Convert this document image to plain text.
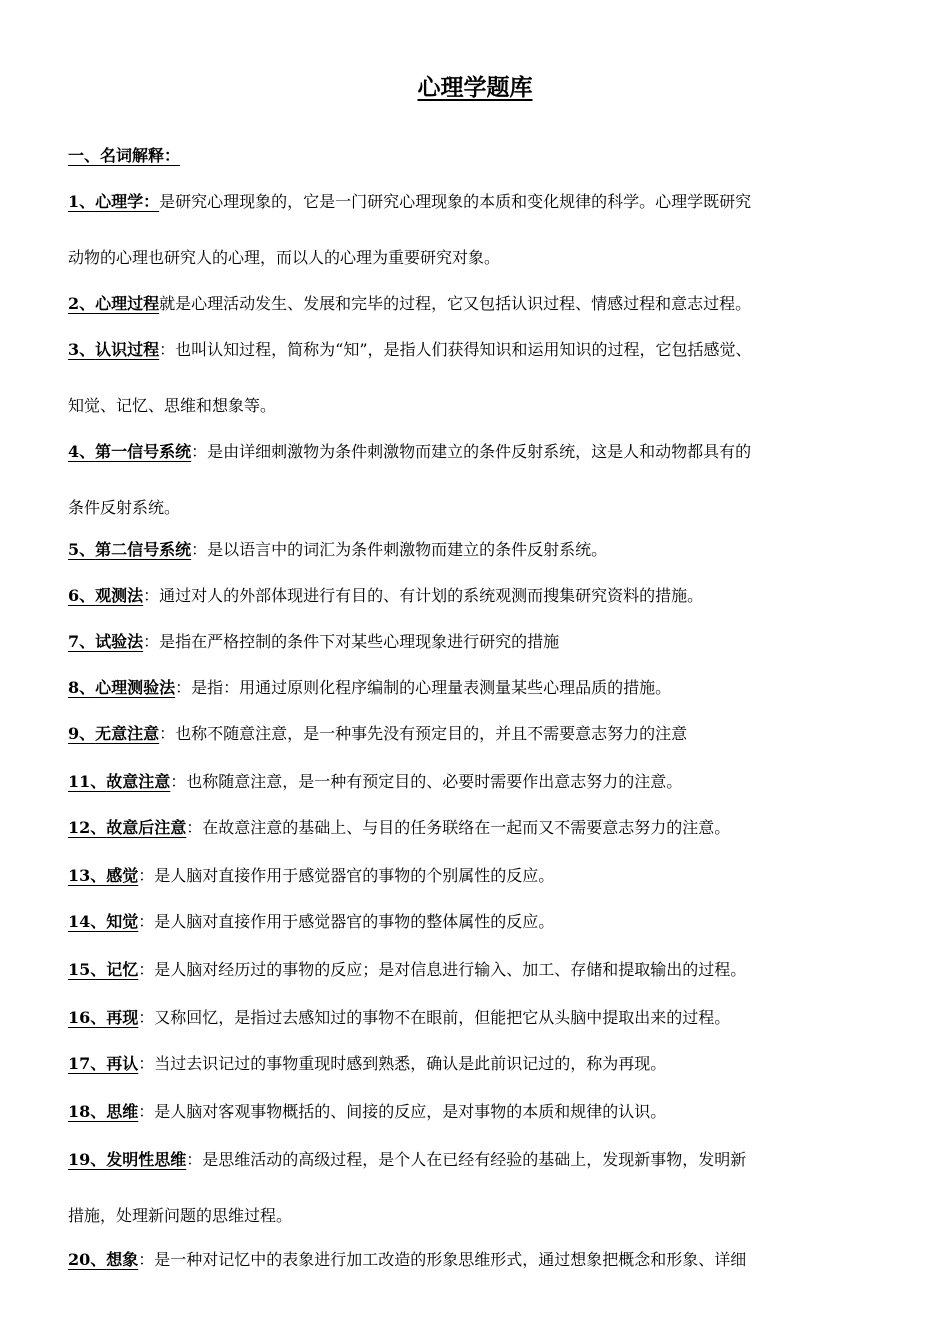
心理学题库
一、名词解释：
1、心理学：是研究心理现象的，它是一门研究心理现象的本质和变化规律的科学。心理学既研究
动物的心理也研究人的心理，而以人的心理为重要研究对象。
2、心理过程就是心理活动发生、发展和完毕的过程，它又包括认识过程、情感过程和意志过程。
3、认识过程：也叫认知过程，简称为“知”，是指人们获得知识和运用知识的过程，它包括感觉、
知觉、记忆、思维和想象等。
4、第一信号系统：是由详细刺激物为条件刺激物而建立的条件反射系统，这是人和动物都具有的
条件反射系统。
5、第二信号系统：是以语言中的词汇为条件刺激物而建立的条件反射系统。
6、观测法：通过对人的外部体现进行有目的、有计划的系统观测而搜集研究资料的措施。
7、试验法：是指在严格控制的条件下对某些心理现象进行研究的措施
8、心理测验法：是指：用通过原则化程序编制的心理量表测量某些心理品质的措施。
9、无意注意：也称不随意注意，是一种事先没有预定目的，并且不需要意志努力的注意
11、故意注意：也称随意注意，是一种有预定目的、必要时需要作出意志努力的注意。
12、故意后注意：在故意注意的基础上、与目的任务联络在一起而又不需要意志努力的注意。
13、感觉：是人脑对直接作用于感觉器官的事物的个别属性的反应。
14、知觉：是人脑对直接作用于感觉器官的事物的整体属性的反应。
15、记忆：是人脑对经历过的事物的反应；是对信息进行输入、加工、存储和提取输出的过程。
16、再现：又称回忆，是指过去感知过的事物不在眼前，但能把它从头脑中提取出来的过程。
17、再认：当过去识记过的事物重现时感到熟悉，确认是此前识记过的，称为再现。
18、思维：是人脑对客观事物概括的、间接的反应，是对事物的本质和规律的认识。
19、发明性思维：是思维活动的高级过程，是个人在已经有经验的基础上，发现新事物，发明新
措施，处理新问题的思维过程。
20、想象：是一种对记忆中的表象进行加工改造的形象思维形式，通过想象把概念和形象、详细
